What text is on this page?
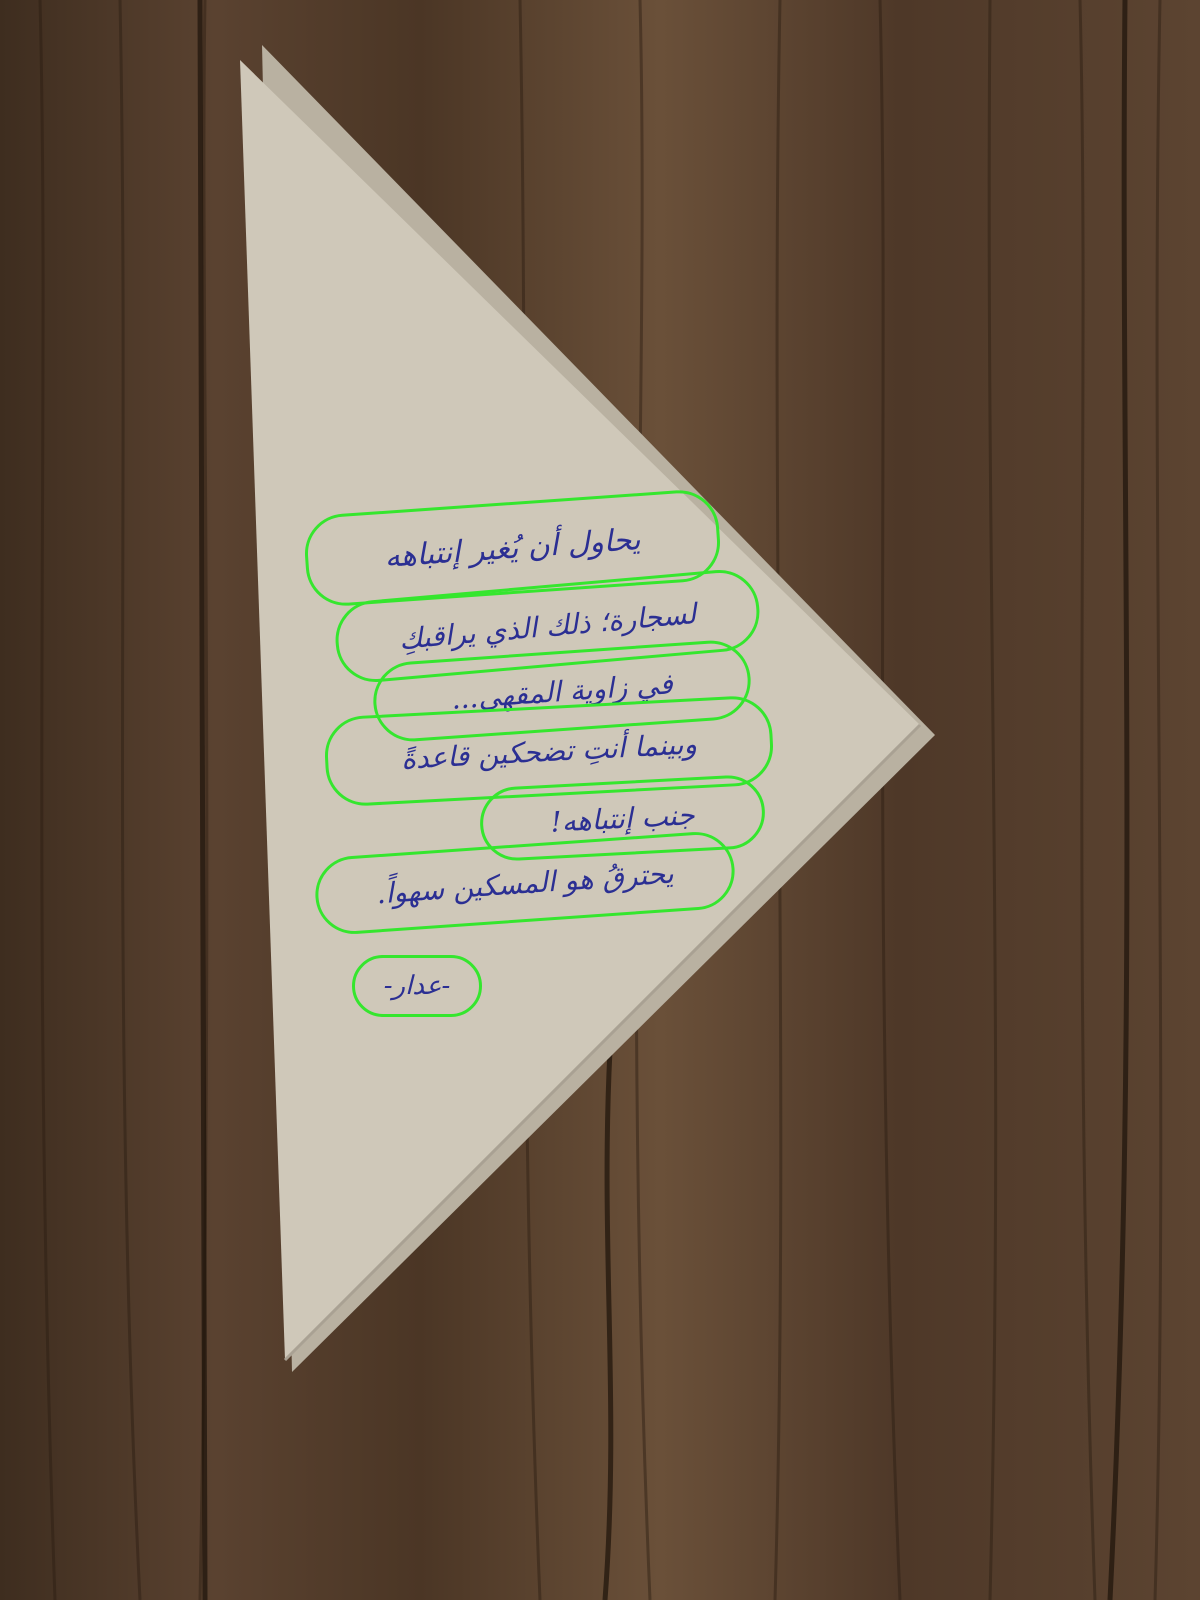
يحاول أن يُغير إنتباهه
لسجارة؛ ذلك الذي يراقبكِ
في زاوية المقهى...
وبينما أنتِ تضحكين قاعدةً
جنب إنتباهه!
يحترقُ هو المسكين سهواً.
-عدار-
